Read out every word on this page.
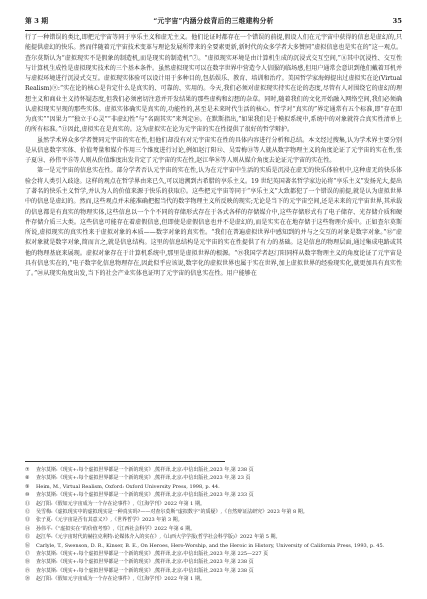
第 3 期	“元宇宙”内涵分歧背后的三维建构分析	35

行了一种错误的类比,即把元宇宙等同于享乐主义和虚无主义。他们论证时都存在一个错误的前提,假设人们在元宇宙中获得的信息是虚幻的,只能提供虚幻的快乐。然而伴随着元宇宙技术变革与理论发展所带来的全要素更新,新时代的众多学者大多赞同“虚拟信息也是实在的”这一观点。查尔莫斯认为“虚拟现实不是假象的制造机,而是现实的制造机”⑦。“虚拟现实环境是由计算机生成的沉浸式交互空间,”⑧其中沉浸性、交互性与计算机生成性是虚拟现实技术的三个基本条件。虽然虚拟现实可以在数字世界中营造令人信服的临场感,但用户通常会意识到他们戴着耳机并与虚拟环境进行沉浸式交互。虚拟现实体验可以设计用于多种目的,包括娱乐、教育、培训和治疗。美国哲学家海姆提出过虚拟实在论(Virtual Realism)⑨:“实在论的核心是肯定什么是真实的、可靠的、实用的。今天,我们必须对虚拟现实持实在论的态度,尽管有人对围绕它的虚幻的理想主义和商业主义持怀疑态度,但我们必须密切注意并开发结果的那些虚构和幻想的杂草。同时,随着我们的文化开始融入网络空间,我们必须确认虚拟现实呈现的那些实体。虚拟实体确实是真实的,功能性的,甚至是未来时代生活的核心。哲学对“真实的”界定通常有五个标准,即“存在即为真实”“因果力”“独立于心灵”“非虚幻性”与“名副其实”来判定⑩。在默斯指出,“如果我们是于模拟系统中,系统中的对象就符合真实性清单上的所有标准。”⑪因此,虚拟实在是真实的。这为虚拟实在论为元宇宙的实在性提供了很好的哲学辩护。

虽然学术界众多学者赞同元宇宙的实在性,但他们却没有对元宇宙实在性的具体内容进行分析和总结。本文经过搜集,认为学术界主要分别是从信息数字实体、价值考量和媒介作用三个维度进行讨论,例如赵汀阳⑫、吴雪梅⑬等人就从数字物理主义的角度论证了元宇宙的实在性,张子夏⑭、孙伟平⑮等人则从价值维度出发肯定了元宇宙的实在性,赵江华⑯等人则从媒介角度去论证元宇宙的实在性。

第一是元宇宙的信息实在性。部分学者否认元宇宙的实在性,认为在元宇宙中生活的实质是沉浸在虚无的快乐体验机中,这种虚无的快乐体验会将人类引入歧途。这样的观点在哲学界由来已久,可以追溯到古希腊的享乐主义。19 世纪英国著名哲学家边沁将“享乐主义”发扬光大,提出了著名的快乐主义哲学,并认为人的价值来源于快乐的获取⑰。这些把元宇宙等同于“享乐主义”大致都犯了一个错误的前提,就是认为虚拟世界中的信息是虚幻的。然而,这些观点并未能准确把握当代的数字物理主义所反映的现实;无论是当下的元宇宙空间,还是未来的元宇宙世界,其承载的信息都是有真实的物理实体,这些信息以一个个不同的存储形式存在于各式各样的存储媒介中,这些存储形式有了电子储存、光存储介质和硬件存储介质三大类。这些信息可能存在着虚假信息,但即使是虚假信息也并不是虚幻的,而是实实在在地存储于这些物理介质中。正如查尔莫斯所说,虚拟现实的真实性来于虚拟对象的本质——数字对象的真实性。“我们在普遍虚拟世界中感知到的并与之交互的对象是数字对象。”⑱“虚拟对象就是数字对象,简而言之,就是信息结构。这里的信息结构是元宇宙的实在性提供了有力的基础。这是信息的物理层面,通过集成电路或其他的物理基底来展现。虚拟对象存在于计算机系统中,那里是虚拟世界的根源。“⑲我国学者赵汀阳同样从数字物理主义的角度论证了元宇宙是具有信息实在的,“电子数字化信息物理存在,因此似乎应该说,数字化的虚拟世界也属于实在世界,加上虚拟世界的经验现实化,就更加具有真实性了。”⑳从现实角度出发,当下的社会产业实体也证明了元宇宙的信息实在性。用户能够在

⑦	查尔莫斯:《现实+:每个虚拟世界都是一个新的现实》,熊祥译,北京:中信出版社,2023 年,第 238 页
⑧	查尔莫斯:《现实+:每个虚拟世界都是一个新的现实》,熊祥译,北京:中信出版社,2023 年,第 23 页
⑨	Heim, M., Virtual Realism, Oxford: Oxford University Press, 1998, p. 44.
⑩	查尔莫斯:《现实+:每个虚拟世界都是一个新的现实》,熊祥译,北京:中信出版社,2023 年,第 233 页
⑪	赵汀阳:《假如元宇宙成为一个存在论事件》,《江海学刊》2022 年第 1 期。
⑫	吴雪梅:《虚拟现实中的虚拟现实是一种真实吗?——对查尔莫斯“虚拟数字”的质疑》,《自然辩证法研究》2023 年第 8 期。
⑬	张子夏:《元宇宙是否有其意义?》,《世界哲学》2023 年第 3 期。
⑭	孙伟平:《“虚拟实在”的价值考察》,《江西社会科学》2022 年第 6 期。
⑮	赵江华:《元宇宙时代的赫拉克利特:论媒体介入的实在》,《山西大学学报(哲学社会科学版)》2022 年第 5 期。
⑯	Carlyle, T., Swenson, D. R., Kinser, B. E., On Heroes, Hero-Worship, and the Heroic in History, University of California Press, 1993, p. 45.
⑰	查尔莫斯:《现实+:每个虚拟世界都是一个新的现实》,熊祥译,北京:中信出版社,2023 年,第 225—227 页
⑱	查尔莫斯:《现实+:每个虚拟世界都是一个新的现实》,熊祥译,北京:中信出版社,2023 年,第 238 页
⑲	查尔莫斯:《现实+:每个虚拟世界都是一个新的现实》,熊祥译,北京:中信出版社,2023 年,第 238 页
⑳	赵汀阳:《假如元宇宙成为一个存在论事件》,《江海学刊》2022 年第 1 期。
